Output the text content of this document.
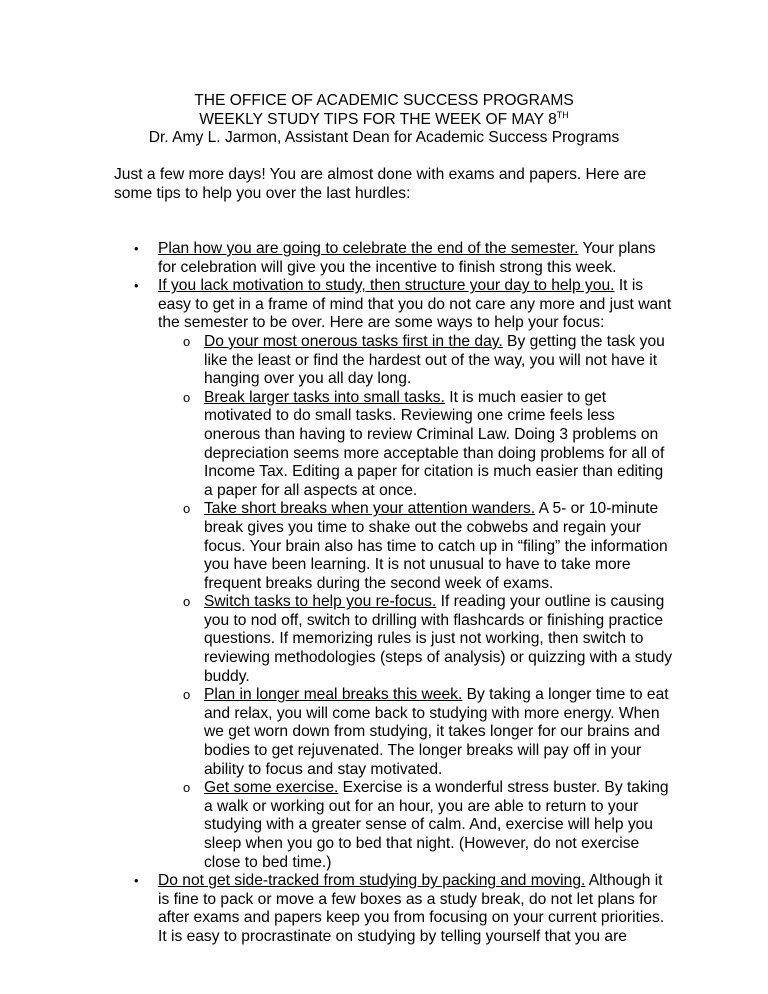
THE OFFICE OF ACADEMIC SUCCESS PROGRAMS
WEEKLY STUDY TIPS FOR THE WEEK OF MAY 8TH
Dr. Amy L. Jarmon, Assistant Dean for Academic Success Programs
Just a few more days! You are almost done with exams and papers. Here are some tips to help you over the last hurdles:
• Plan how you are going to celebrate the end of the semester. Your plans for celebration will give you the incentive to finish strong this week.
• If you lack motivation to study, then structure your day to help you. It is easy to get in a frame of mind that you do not care any more and just want the semester to be over. Here are some ways to help your focus:
o Do your most onerous tasks first in the day. By getting the task you like the least or find the hardest out of the way, you will not have it hanging over you all day long.
o Break larger tasks into small tasks. It is much easier to get motivated to do small tasks. Reviewing one crime feels less onerous than having to review Criminal Law. Doing 3 problems on depreciation seems more acceptable than doing problems for all of Income Tax. Editing a paper for citation is much easier than editing a paper for all aspects at once.
o Take short breaks when your attention wanders. A 5- or 10-minute break gives you time to shake out the cobwebs and regain your focus. Your brain also has time to catch up in “filing” the information you have been learning. It is not unusual to have to take more frequent breaks during the second week of exams.
o Switch tasks to help you re-focus. If reading your outline is causing you to nod off, switch to drilling with flashcards or finishing practice questions. If memorizing rules is just not working, then switch to reviewing methodologies (steps of analysis) or quizzing with a study buddy.
o Plan in longer meal breaks this week. By taking a longer time to eat and relax, you will come back to studying with more energy. When we get worn down from studying, it takes longer for our brains and bodies to get rejuvenated. The longer breaks will pay off in your ability to focus and stay motivated.
o Get some exercise. Exercise is a wonderful stress buster. By taking a walk or working out for an hour, you are able to return to your studying with a greater sense of calm. And, exercise will help you sleep when you go to bed that night. (However, do not exercise close to bed time.)
• Do not get side-tracked from studying by packing and moving. Although it is fine to pack or move a few boxes as a study break, do not let plans for after exams and papers keep you from focusing on your current priorities. It is easy to procrastinate on studying by telling yourself that you are
